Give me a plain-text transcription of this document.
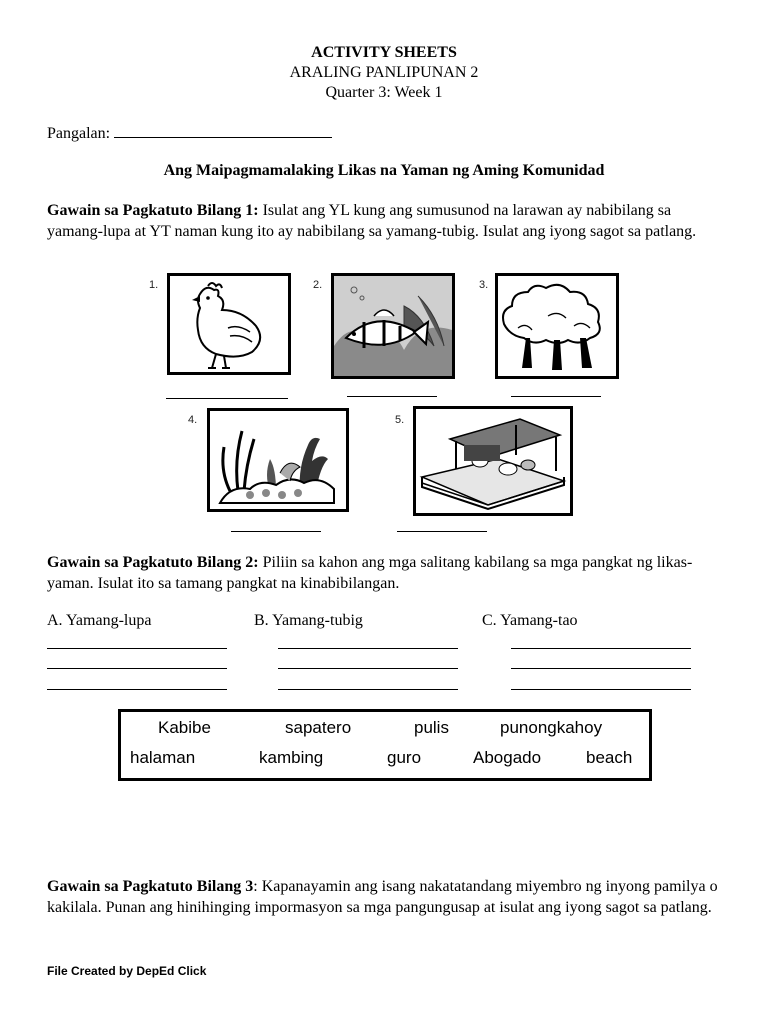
ACTIVITY SHEETS
ARALING PANLIPUNAN 2
Quarter 3: Week 1
Pangalan:
Ang Maipagmamalaking Likas na Yaman ng Aming Komunidad
Gawain sa Pagkatuto Bilang 1: Isulat ang YL kung ang sumusunod na larawan ay nabibilang sa yamang-lupa at YT naman kung ito ay nabibilang sa yamang-tubig. Isulat ang iyong sagot sa patlang.
1.	2.	3.
4.	5.
Gawain sa Pagkatuto Bilang 2: Piliin sa kahon ang mga salitang kabilang sa mga pangkat ng likas-yaman. Isulat ito sa tamang pangkat na kinabibilangan.
A. Yamang-lupa	B. Yamang-tubig	C. Yamang-tao
Kabibe	sapatero	pulis	punongkahoy
halaman	kambing	guro	Abogado	beach
Gawain sa Pagkatuto Bilang 3: Kapanayamin ang isang nakatatandang miyembro ng inyong pamilya o kakilala. Punan ang hinihinging impormasyon sa mga pangungusap at isulat ang iyong sagot sa patlang.
File Created by DepEd Click
